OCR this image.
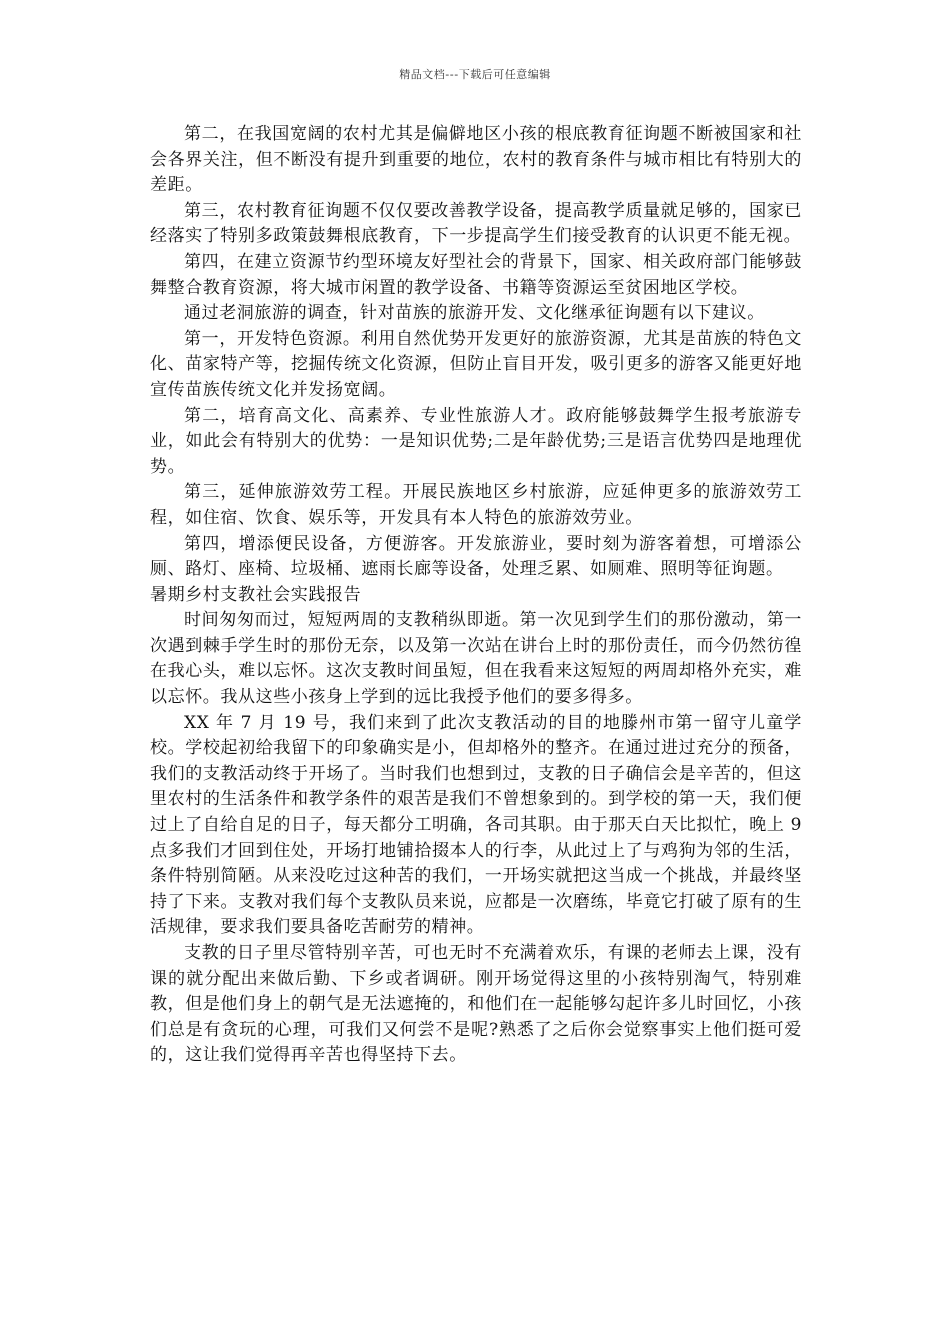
精品文档---下载后可任意编辑

第二，在我国宽阔的农村尤其是偏僻地区小孩的根底教育征询题不断被国家和社会各界关注，但不断没有提升到重要的地位，农村的教育条件与城市相比有特别大的差距。

第三，农村教育征询题不仅仅要改善教学设备，提高教学质量就足够的，国家已经落实了特别多政策鼓舞根底教育，下一步提高学生们接受教育的认识更不能无视。

第四，在建立资源节约型环境友好型社会的背景下，国家、相关政府部门能够鼓舞整合教育资源，将大城市闲置的教学设备、书籍等资源运至贫困地区学校。

通过老洞旅游的调查，针对苗族的旅游开发、文化继承征询题有以下建议。

第一，开发特色资源。利用自然优势开发更好的旅游资源，尤其是苗族的特色文化、苗家特产等，挖掘传统文化资源，但防止盲目开发，吸引更多的游客又能更好地宣传苗族传统文化并发扬宽阔。

第二，培育高文化、高素养、专业性旅游人才。政府能够鼓舞学生报考旅游专业，如此会有特别大的优势：一是知识优势;二是年龄优势;三是语言优势四是地理优势。

第三，延伸旅游效劳工程。开展民族地区乡村旅游，应延伸更多的旅游效劳工程，如住宿、饮食、娱乐等，开发具有本人特色的旅游效劳业。

第四，增添便民设备，方便游客。开发旅游业，要时刻为游客着想，可增添公厕、路灯、座椅、垃圾桶、遮雨长廊等设备，处理乏累、如厕难、照明等征询题。

暑期乡村支教社会实践报告

时间匆匆而过，短短两周的支教稍纵即逝。第一次见到学生们的那份激动，第一次遇到棘手学生时的那份无奈，以及第一次站在讲台上时的那份责任，而今仍然彷徨在我心头，难以忘怀。这次支教时间虽短，但在我看来这短短的两周却格外充实，难以忘怀。我从这些小孩身上学到的远比我授予他们的要多得多。

XX 年 7 月 19 号，我们来到了此次支教活动的目的地滕州市第一留守儿童学校。学校起初给我留下的印象确实是小，但却格外的整齐。在通过进过充分的预备，我们的支教活动终于开场了。当时我们也想到过，支教的日子确信会是辛苦的，但这里农村的生活条件和教学条件的艰苦是我们不曾想象到的。到学校的第一天，我们便过上了自给自足的日子，每天都分工明确，各司其职。由于那天白天比拟忙，晚上 9 点多我们才回到住处，开场打地铺拾掇本人的行李，从此过上了与鸡狗为邻的生活，条件特别简陋。从来没吃过这种苦的我们，一开场实就把这当成一个挑战，并最终坚持了下来。支教对我们每个支教队员来说，应都是一次磨练，毕竟它打破了原有的生活规律，要求我们要具备吃苦耐劳的精神。

支教的日子里尽管特别辛苦，可也无时不充满着欢乐，有课的老师去上课，没有课的就分配出来做后勤、下乡或者调研。刚开场觉得这里的小孩特别淘气，特别难教，但是他们身上的朝气是无法遮掩的，和他们在一起能够勾起许多儿时回忆，小孩们总是有贪玩的心理，可我们又何尝不是呢?熟悉了之后你会觉察事实上他们挺可爱的，这让我们觉得再辛苦也得坚持下去。
